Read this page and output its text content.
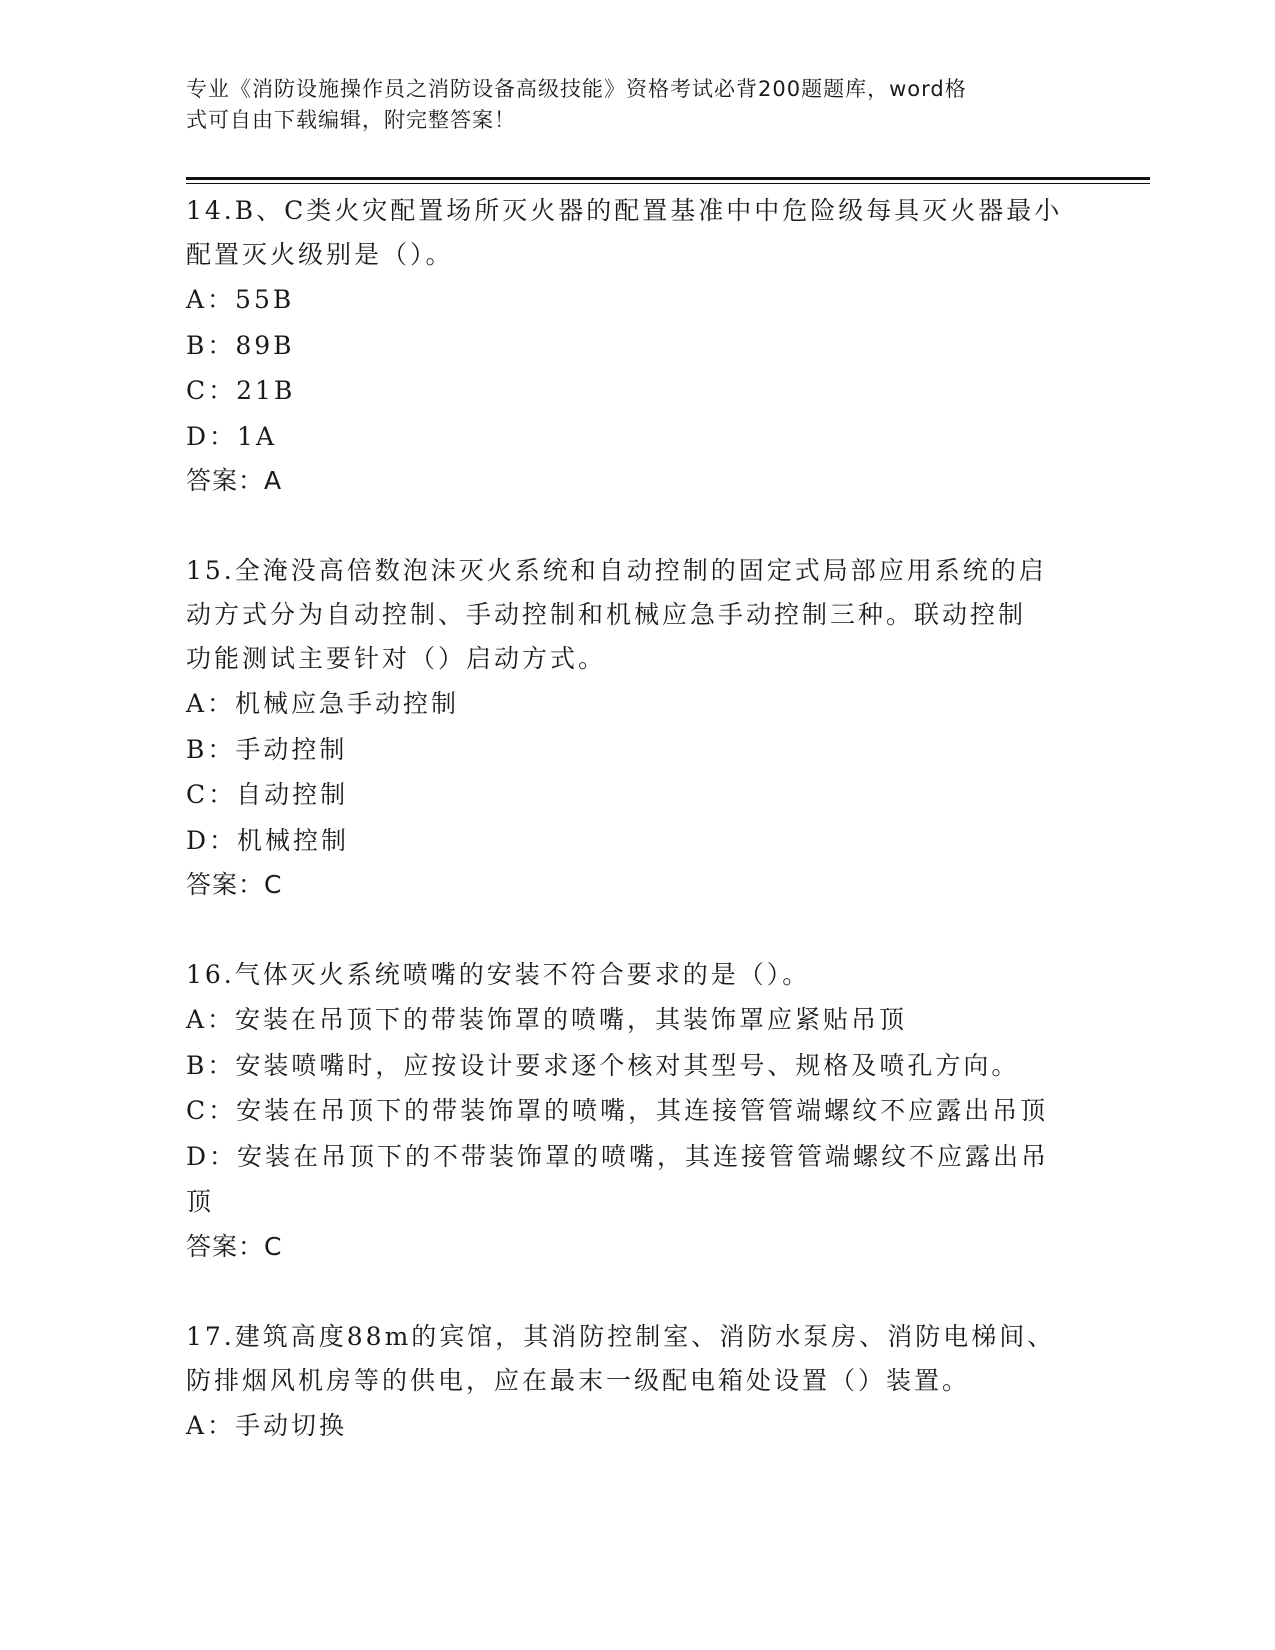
专业《消防设施操作员之消防设备高级技能》资格考试必背200题题库，word格
式可自由下载编辑，附完整答案！
14.B、C类火灾配置场所灭火器的配置基准中中危险级每具灭火器最小
配置灭火级别是（）。
A：55B
B：89B
C：21B
D：1A
答案：A
15.全淹没高倍数泡沫灭火系统和自动控制的固定式局部应用系统的启
动方式分为自动控制、手动控制和机械应急手动控制三种。联动控制
功能测试主要针对（）启动方式。
A：机械应急手动控制
B：手动控制
C：自动控制
D：机械控制
答案：C
16.气体灭火系统喷嘴的安装不符合要求的是（）。
A：安装在吊顶下的带装饰罩的喷嘴，其装饰罩应紧贴吊顶
B：安装喷嘴时，应按设计要求逐个核对其型号、规格及喷孔方向。
C：安装在吊顶下的带装饰罩的喷嘴，其连接管管端螺纹不应露出吊顶
D：安装在吊顶下的不带装饰罩的喷嘴，其连接管管端螺纹不应露出吊
顶
答案：C
17.建筑高度88m的宾馆，其消防控制室、消防水泵房、消防电梯间、
防排烟风机房等的供电，应在最末一级配电箱处设置（）装置。
A：手动切换
